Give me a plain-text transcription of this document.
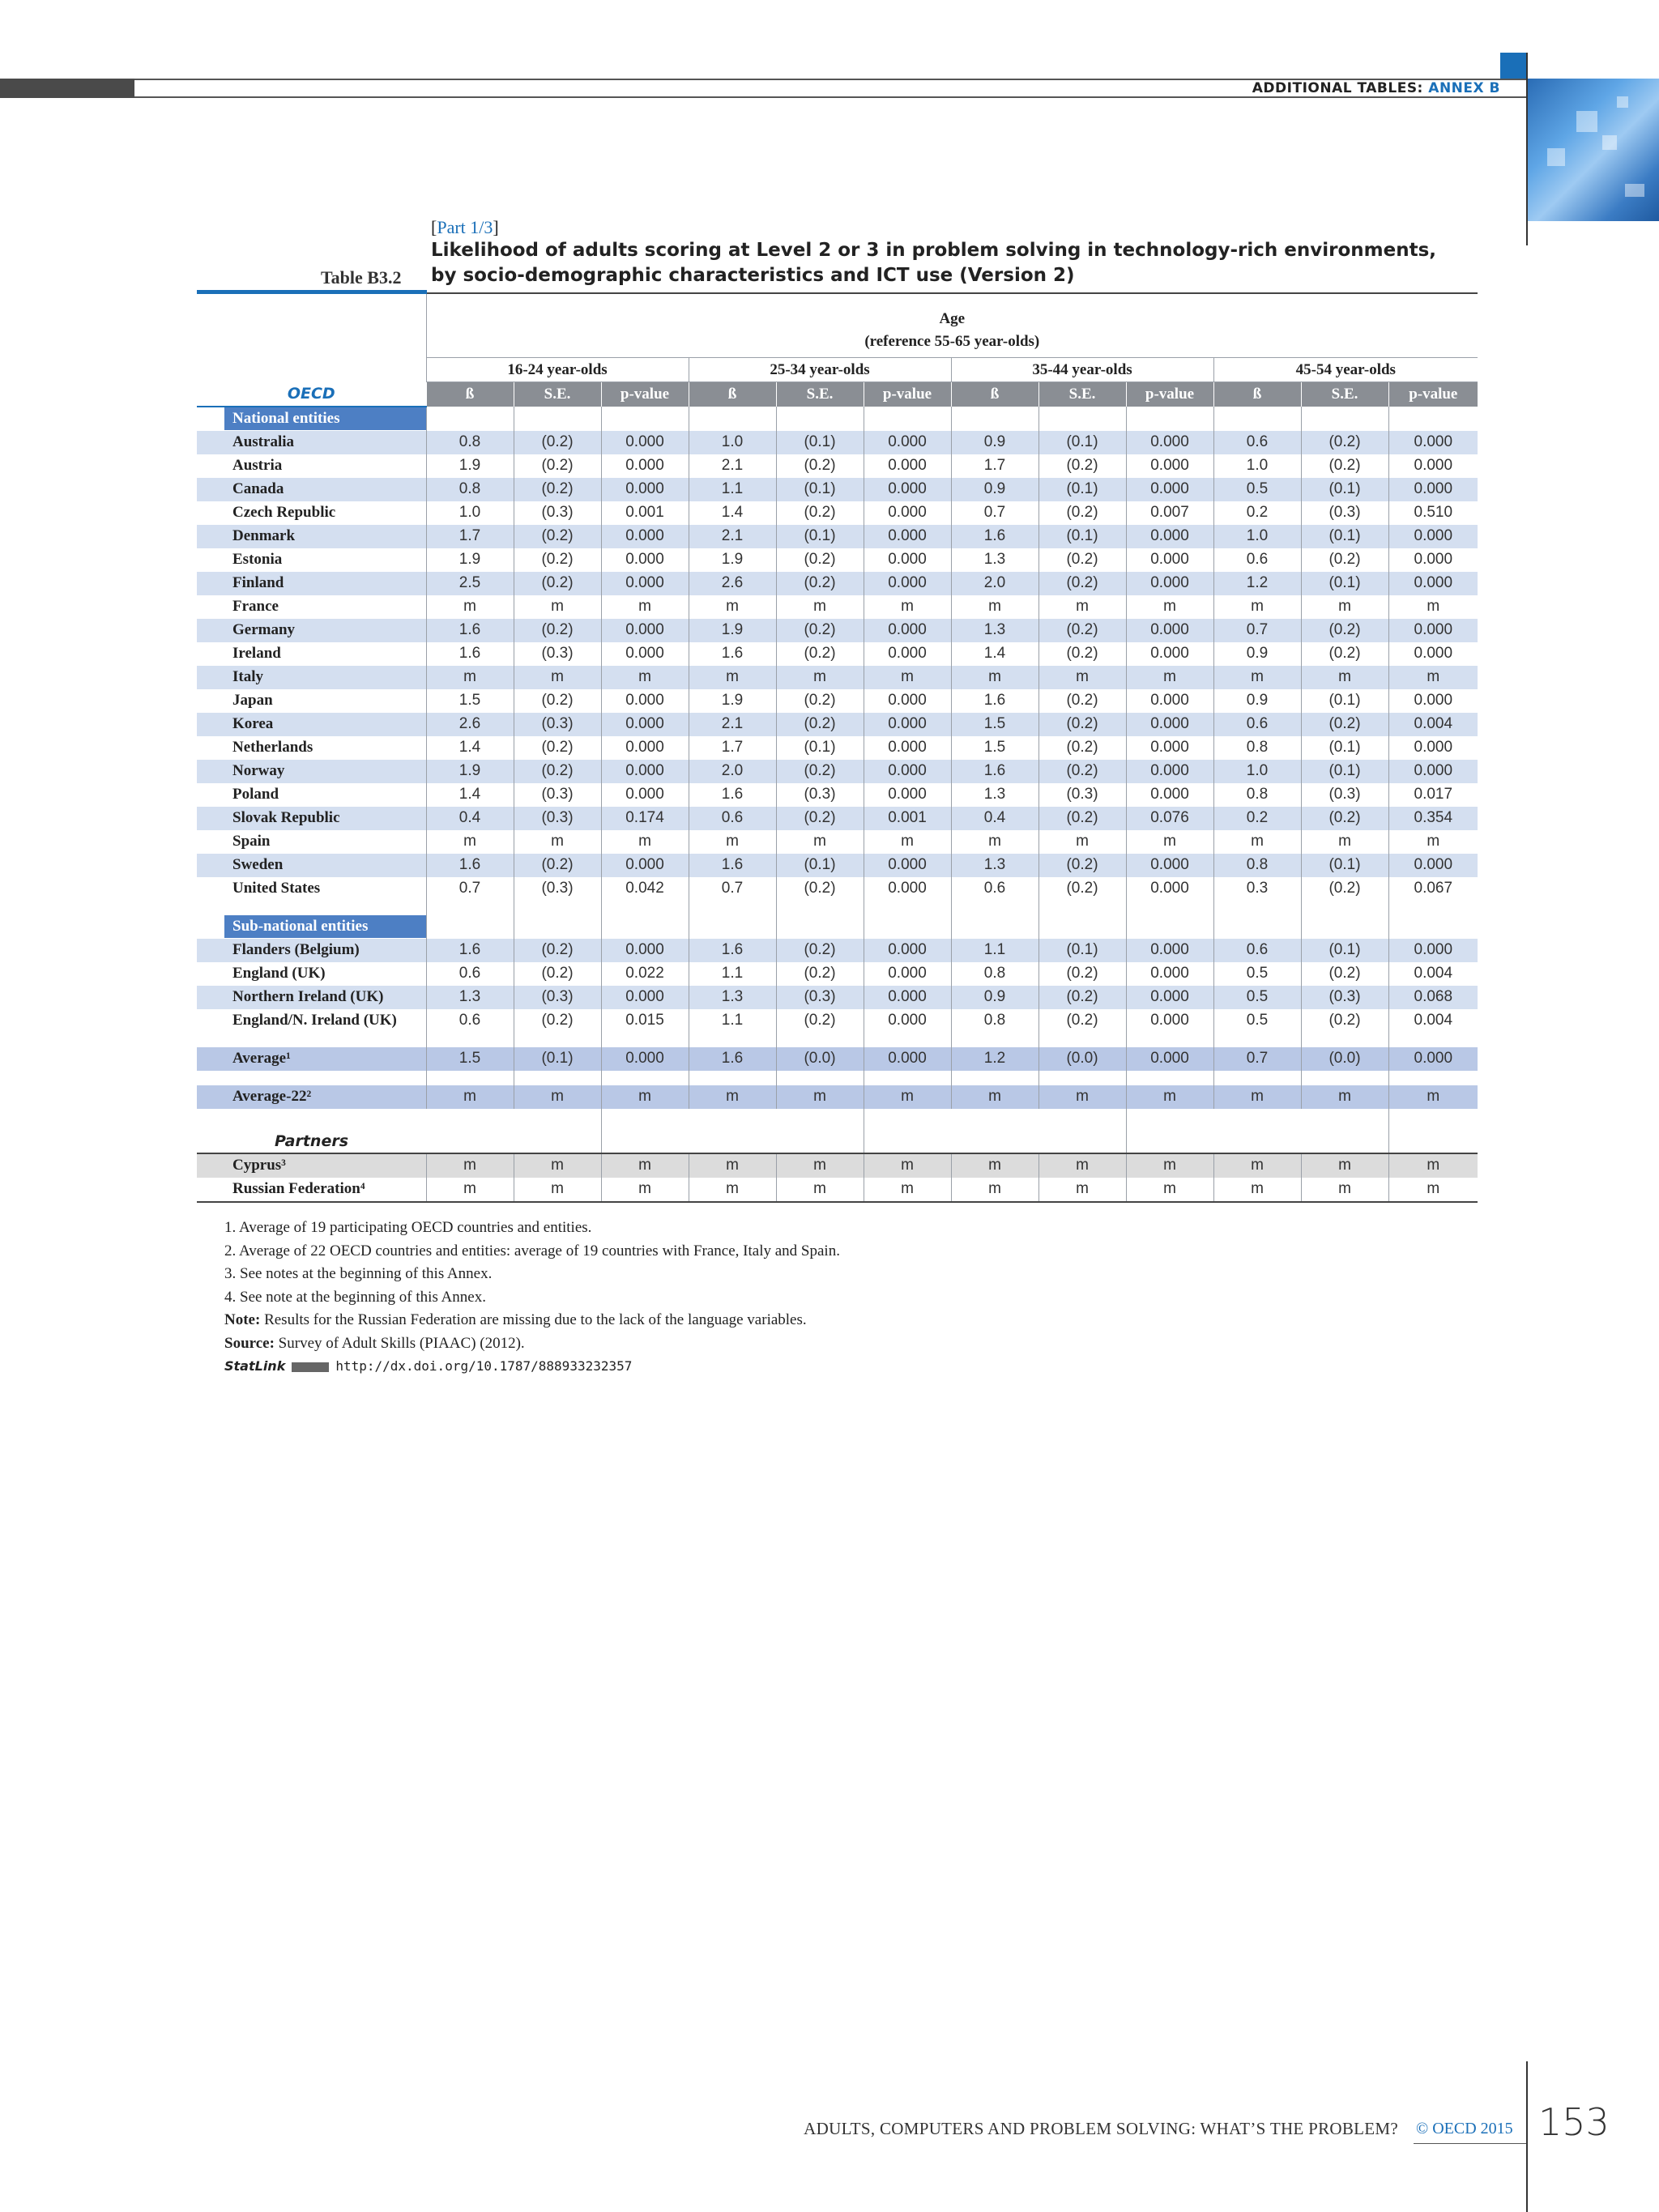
ADDITIONAL TABLES: ANNEX B
[Part 1/3]
Likelihood of adults scoring at Level 2 or 3 in problem solving in technology-rich environments,
by socio-demographic characteristics and ICT use (Version 2)
Table B3.2

	Age
(reference 55-65 year-olds)											

	16-24 year-olds			25-34 year-olds			35-44 year-olds			45-54 year-olds		
OECD	ß	S.E.	p-value	ß	S.E.	p-value	ß	S.E.	p-value	ß	S.E.	p-value

National entities												

Australia	0.8	(0.2)	0.000	1.0	(0.1)	0.000	0.9	(0.1)	0.000	0.6	(0.2)	0.000
Austria	1.9	(0.2)	0.000	2.1	(0.2)	0.000	1.7	(0.2)	0.000	1.0	(0.2)	0.000
Canada	0.8	(0.2)	0.000	1.1	(0.1)	0.000	0.9	(0.1)	0.000	0.5	(0.1)	0.000
Czech Republic	1.0	(0.3)	0.001	1.4	(0.2)	0.000	0.7	(0.2)	0.007	0.2	(0.3)	0.510
Denmark	1.7	(0.2)	0.000	2.1	(0.1)	0.000	1.6	(0.1)	0.000	1.0	(0.1)	0.000
Estonia	1.9	(0.2)	0.000	1.9	(0.2)	0.000	1.3	(0.2)	0.000	0.6	(0.2)	0.000
Finland	2.5	(0.2)	0.000	2.6	(0.2)	0.000	2.0	(0.2)	0.000	1.2	(0.1)	0.000
France	m	m	m	m	m	m	m	m	m	m	m	m
Germany	1.6	(0.2)	0.000	1.9	(0.2)	0.000	1.3	(0.2)	0.000	0.7	(0.2)	0.000
Ireland	1.6	(0.3)	0.000	1.6	(0.2)	0.000	1.4	(0.2)	0.000	0.9	(0.2)	0.000
Italy	m	m	m	m	m	m	m	m	m	m	m	m
Japan	1.5	(0.2)	0.000	1.9	(0.2)	0.000	1.6	(0.2)	0.000	0.9	(0.1)	0.000
Korea	2.6	(0.3)	0.000	2.1	(0.2)	0.000	1.5	(0.2)	0.000	0.6	(0.2)	0.004
Netherlands	1.4	(0.2)	0.000	1.7	(0.1)	0.000	1.5	(0.2)	0.000	0.8	(0.1)	0.000
Norway	1.9	(0.2)	0.000	2.0	(0.2)	0.000	1.6	(0.2)	0.000	1.0	(0.1)	0.000
Poland	1.4	(0.3)	0.000	1.6	(0.3)	0.000	1.3	(0.3)	0.000	0.8	(0.3)	0.017
Slovak Republic	0.4	(0.3)	0.174	0.6	(0.2)	0.001	0.4	(0.2)	0.076	0.2	(0.2)	0.354
Spain	m	m	m	m	m	m	m	m	m	m	m	m
Sweden	1.6	(0.2)	0.000	1.6	(0.1)	0.000	1.3	(0.2)	0.000	0.8	(0.1)	0.000
United States	0.7	(0.3)	0.042	0.7	(0.2)	0.000	0.6	(0.2)	0.000	0.3	(0.2)	0.067

Sub-national entities												

Flanders (Belgium)	1.6	(0.2)	0.000	1.6	(0.2)	0.000	1.1	(0.1)	0.000	0.6	(0.1)	0.000
England (UK)	0.6	(0.2)	0.022	1.1	(0.2)	0.000	0.8	(0.2)	0.000	0.5	(0.2)	0.004
Northern Ireland (UK)	1.3	(0.3)	0.000	1.3	(0.3)	0.000	0.9	(0.2)	0.000	0.5	(0.3)	0.068
England/N. Ireland (UK)	0.6	(0.2)	0.015	1.1	(0.2)	0.000	0.8	(0.2)	0.000	0.5	(0.2)	0.004

Average¹	1.5	(0.1)	0.000	1.6	(0.0)	0.000	1.2	(0.0)	0.000	0.7	(0.0)	0.000

Average-22²	m	m	m	m	m	m	m	m	m	m	m	m
Partners												
Cyprus³	m	m	m	m	m	m	m	m	m	m	m	m
Russian Federation⁴	m	m	m	m	m	m	m	m	m	m	m	m
1. Average of 19 participating OECD countries and entities.
2. Average of 22 OECD countries and entities: average of 19 countries with France, Italy and Spain.
3. See notes at the beginning of this Annex.
4. See note at the beginning of this Annex.
Note: Results for the Russian Federation are missing due to the lack of the language variables.
Source: Survey of Adult Skills (PIAAC) (2012).
StatLink	http://dx.doi.org/10.1787/888933232357
ADULTS, COMPUTERS AND PROBLEM SOLVING: WHAT’S THE PROBLEM? © OECD 2015 153
